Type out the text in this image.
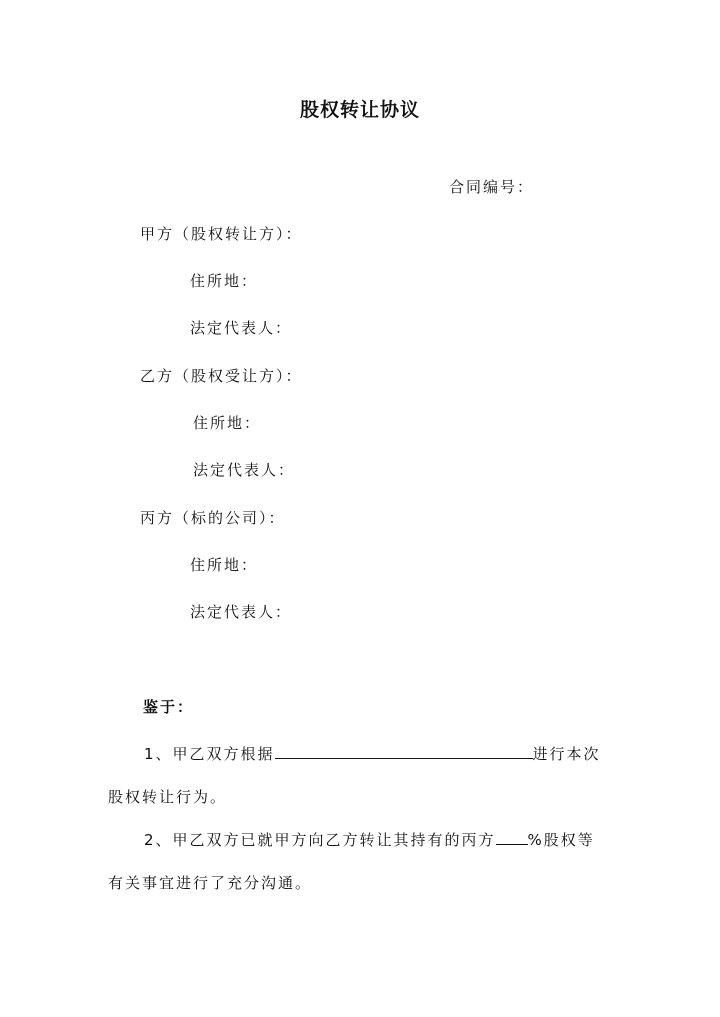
股权转让协议
合同编号：
甲方（股权转让方）：
住所地：
法定代表人：
乙方（股权受让方）：
住所地：
法定代表人：
丙方（标的公司）：
住所地：
法定代表人：
鉴于：
1、甲乙双方根据	进行本次股权转让行为。
2、甲乙双方已就甲方向乙方转让其持有的丙方 %股权等有关事宜进行了充分沟通。
